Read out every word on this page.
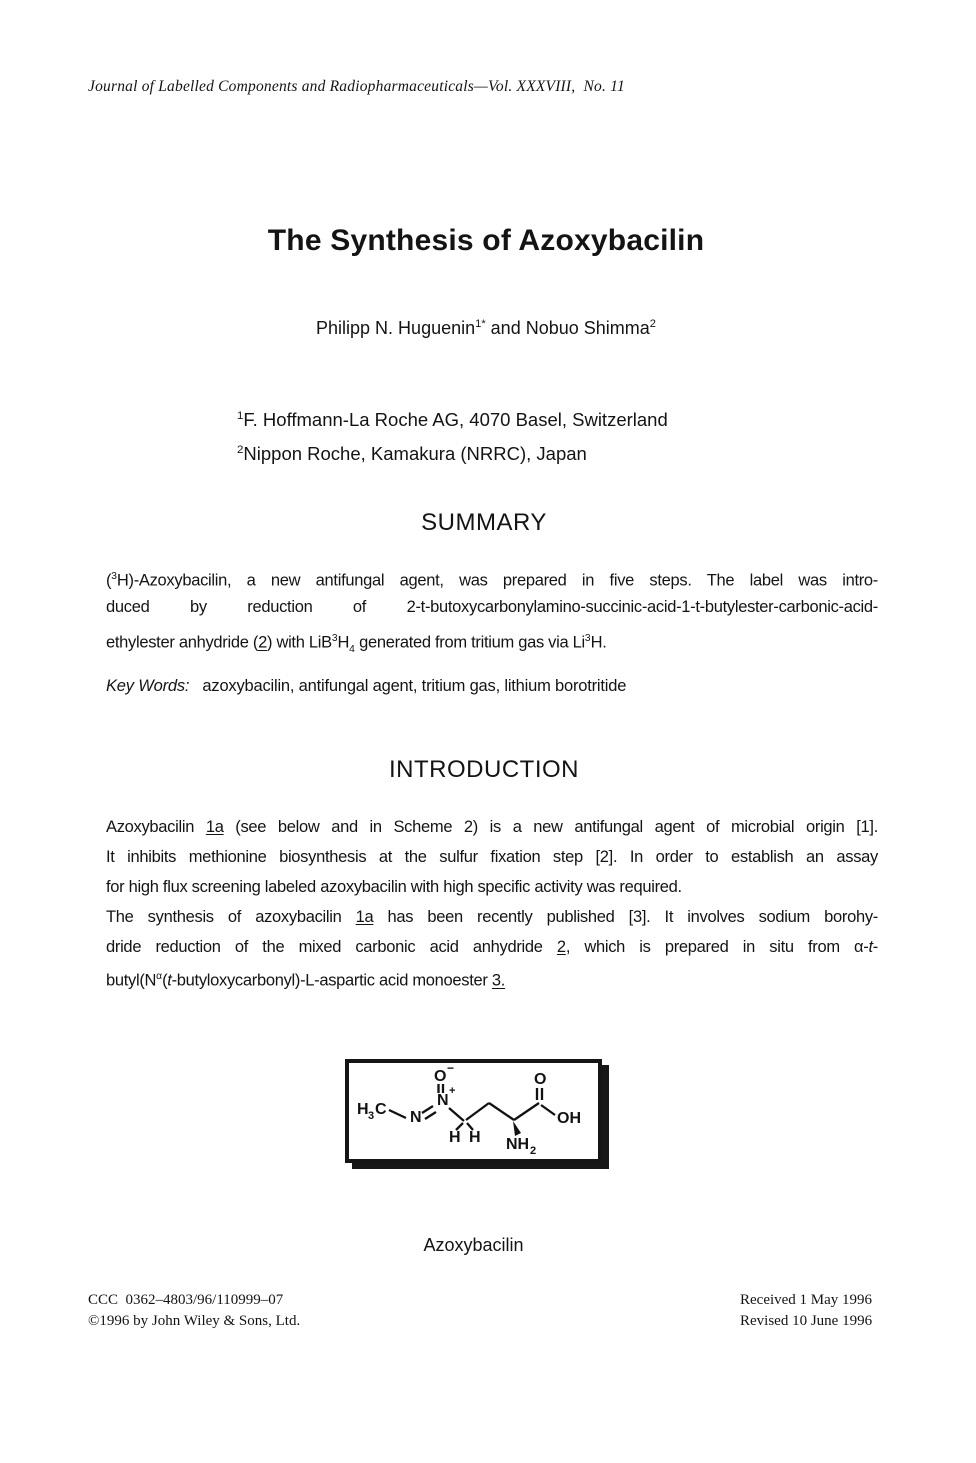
Journal of Labelled Components and Radiopharmaceuticals—Vol. XXXVIII,  No. 11
The Synthesis of Azoxybacilin
Philipp N. Huguenin$^{1*}$ and Nobuo Shimma$^2$
$^1$F. Hoffmann-La Roche AG, 4070 Basel, Switzerland
$^2$Nippon Roche, Kamakura (NRRC), Japan
SUMMARY
($^3$H)-Azoxybacilin, a new antifungal agent, was prepared in five steps. The label was intro-
duced by reduction of 2-t-butoxycarbonylamino-succinic-acid-1-t-butylester-carbonic-acid-
ethylester anhydride (2) with $LiB^3H_4$ generated from tritium gas via Li$^3$H.
Key Words:   azoxybacilin, antifungal agent, tritium gas, lithium borotritide
INTRODUCTION
Azoxybacilin 1a (see below and in Scheme 2) is a new antifungal agent of microbial origin [1].
It inhibits methionine biosynthesis at the sulfur fixation step [2]. In order to establish an assay
for high flux screening labeled azoxybacilin with high specific activity was required.
The synthesis of azoxybacilin 1a has been recently published [3]. It involves sodium borohy-
dride reduction of the mixed carbonic acid anhydride 2, which is prepared in situ from α-t-
$butyl(N^\alpha(t-butyloxycarbonyl)-L$-aspartic acid monoester 3.
H 3 C N
N
+
O −
H H NH 2
O
OH
Azoxybacilin
CCC  0362–4803/96/110999–07
©1996 by John Wiley & Sons, Ltd.
Received 1 May 1996
Revised 10 June 1996
